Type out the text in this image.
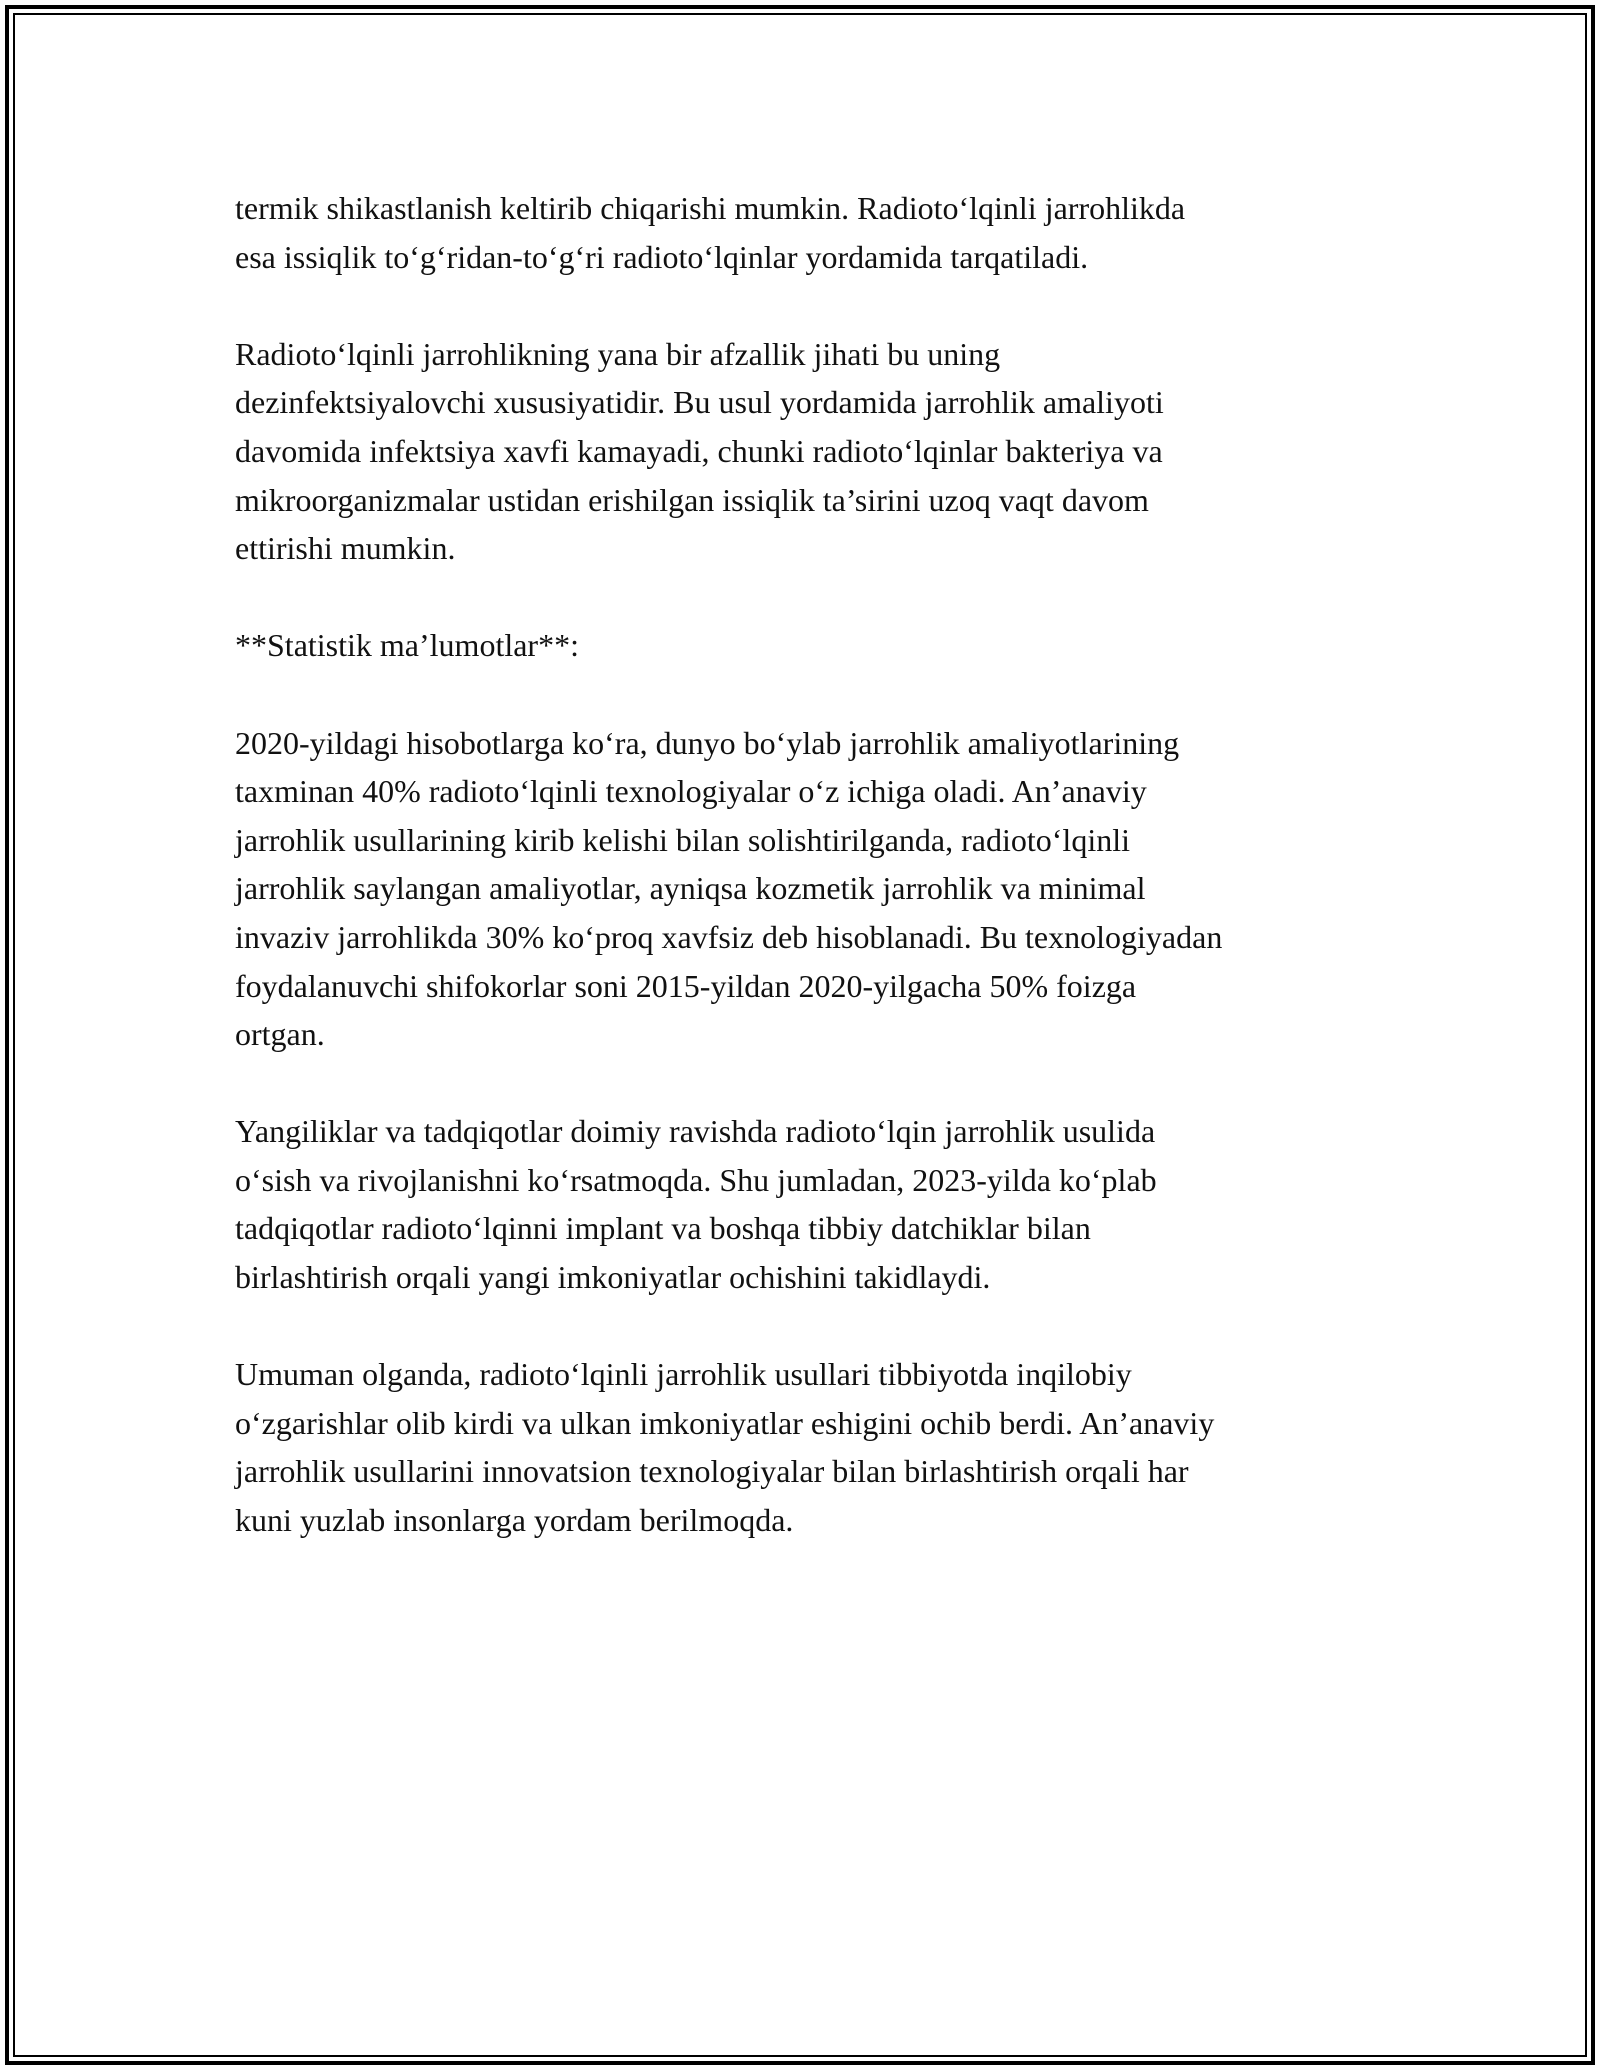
termik shikastlanish keltirib chiqarishi mumkin. Radiotoʻlqinli jarrohlikda
esa issiqlik toʻgʻridan-toʻgʻri radiotoʻlqinlar yordamida tarqatiladi.

Radiotoʻlqinli jarrohlikning yana bir afzallik jihati bu uning
dezinfektsiyalovchi xususiyatidir. Bu usul yordamida jarrohlik amaliyoti
davomida infektsiya xavfi kamayadi, chunki radiotoʻlqinlar bakteriya va
mikroorganizmalar ustidan erishilgan issiqlik ta’sirini uzoq vaqt davom
ettirishi mumkin.

**Statistik ma’lumotlar**:

2020-yildagi hisobotlarga koʻra, dunyo boʻylab jarrohlik amaliyotlarining
taxminan 40% radiotoʻlqinli texnologiyalar oʻz ichiga oladi. An’anaviy
jarrohlik usullarining kirib kelishi bilan solishtirilganda, radiotoʻlqinli
jarrohlik saylangan amaliyotlar, ayniqsa kozmetik jarrohlik va minimal
invaziv jarrohlikda 30% koʻproq xavfsiz deb hisoblanadi. Bu texnologiyadan
foydalanuvchi shifokorlar soni 2015-yildan 2020-yilgacha 50% foizga
ortgan.

Yangiliklar va tadqiqotlar doimiy ravishda radiotoʻlqin jarrohlik usulida
oʻsish va rivojlanishni koʻrsatmoqda. Shu jumladan, 2023-yilda koʻplab
tadqiqotlar radiotoʻlqinni implant va boshqa tibbiy datchiklar bilan
birlashtirish orqali yangi imkoniyatlar ochishini takidlaydi.

Umuman olganda, radiotoʻlqinli jarrohlik usullari tibbiyotda inqilobiy
oʻzgarishlar olib kirdi va ulkan imkoniyatlar eshigini ochib berdi. An’anaviy
jarrohlik usullarini innovatsion texnologiyalar bilan birlashtirish orqali har
kuni yuzlab insonlarga yordam berilmoqda.
